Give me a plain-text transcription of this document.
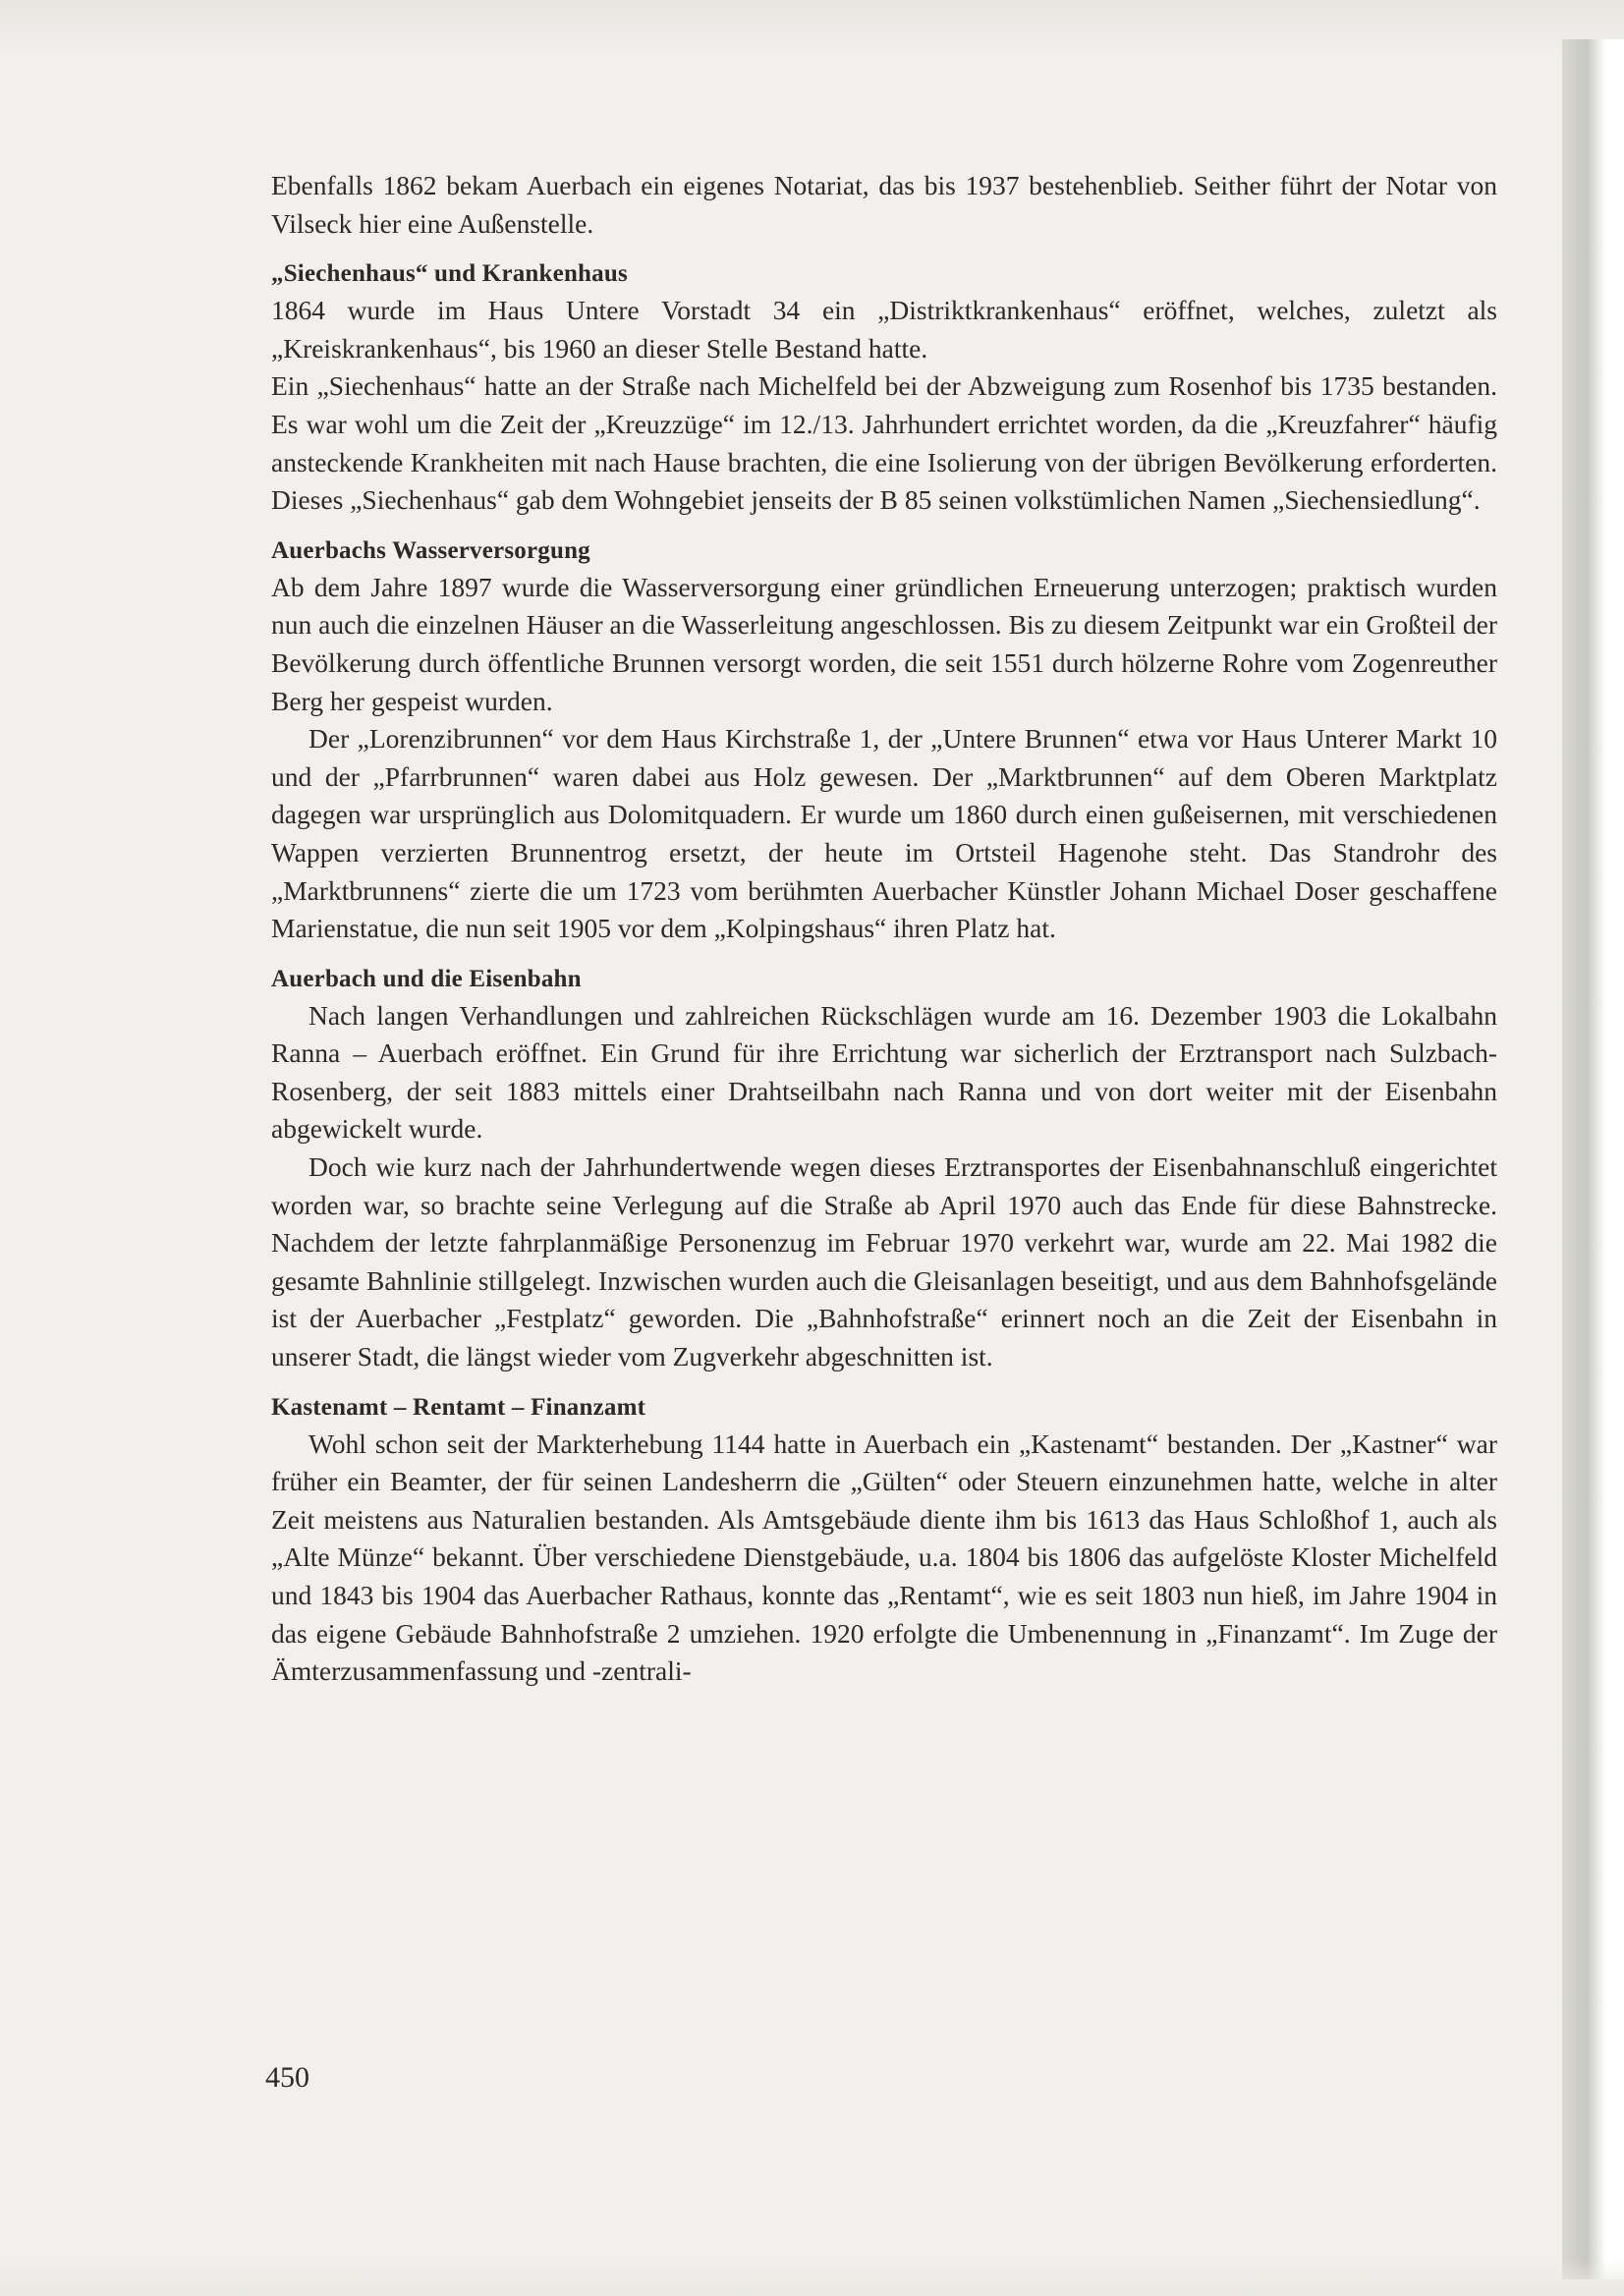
Ebenfalls 1862 bekam Auerbach ein eigenes Notariat, das bis 1937 bestehenblieb. Seither führt der Notar von Vilseck hier eine Außenstelle.

„Siechenhaus“ und Krankenhaus

1864 wurde im Haus Untere Vorstadt 34 ein „Distriktkrankenhaus“ eröffnet, welches, zuletzt als „Kreiskrankenhaus“, bis 1960 an dieser Stelle Bestand hatte.

Ein „Siechenhaus“ hatte an der Straße nach Michelfeld bei der Abzweigung zum Rosenhof bis 1735 bestanden. Es war wohl um die Zeit der „Kreuzzüge“ im 12./13. Jahrhundert errichtet worden, da die „Kreuzfahrer“ häufig ansteckende Krankheiten mit nach Hause brachten, die eine Isolierung von der übrigen Bevölkerung erforderten. Dieses „Siechenhaus“ gab dem Wohngebiet jenseits der B 85 seinen volkstümlichen Namen „Siechensiedlung“.

Auerbachs Wasserversorgung

Ab dem Jahre 1897 wurde die Wasserversorgung einer gründlichen Erneuerung unterzogen; praktisch wurden nun auch die einzelnen Häuser an die Wasserleitung angeschlossen. Bis zu diesem Zeitpunkt war ein Großteil der Bevölkerung durch öffentliche Brunnen versorgt worden, die seit 1551 durch hölzerne Rohre vom Zogenreuther Berg her gespeist wurden.

Der „Lorenzibrunnen“ vor dem Haus Kirchstraße 1, der „Untere Brunnen“ etwa vor Haus Unterer Markt 10 und der „Pfarrbrunnen“ waren dabei aus Holz gewesen. Der „Marktbrunnen“ auf dem Oberen Marktplatz dagegen war ursprünglich aus Dolomitquadern. Er wurde um 1860 durch einen gußeisernen, mit verschiedenen Wappen verzierten Brunnentrog ersetzt, der heute im Ortsteil Hagenohe steht. Das Standrohr des „Marktbrunnens“ zierte die um 1723 vom berühmten Auerbacher Künstler Johann Michael Doser geschaffene Marienstatue, die nun seit 1905 vor dem „Kolpingshaus“ ihren Platz hat.

Auerbach und die Eisenbahn

Nach langen Verhandlungen und zahlreichen Rückschlägen wurde am 16. Dezember 1903 die Lokalbahn Ranna – Auerbach eröffnet. Ein Grund für ihre Errichtung war sicherlich der Erztransport nach Sulzbach-Rosenberg, der seit 1883 mittels einer Drahtseilbahn nach Ranna und von dort weiter mit der Eisenbahn abgewickelt wurde.

Doch wie kurz nach der Jahrhundertwende wegen dieses Erztransportes der Eisenbahnanschluß eingerichtet worden war, so brachte seine Verlegung auf die Straße ab April 1970 auch das Ende für diese Bahnstrecke. Nachdem der letzte fahrplanmäßige Personenzug im Februar 1970 verkehrt war, wurde am 22. Mai 1982 die gesamte Bahnlinie stillgelegt. Inzwischen wurden auch die Gleisanlagen beseitigt, und aus dem Bahnhofsgelände ist der Auerbacher „Festplatz“ geworden. Die „Bahnhofstraße“ erinnert noch an die Zeit der Eisenbahn in unserer Stadt, die längst wieder vom Zugverkehr abgeschnitten ist.

Kastenamt – Rentamt – Finanzamt

Wohl schon seit der Markterhebung 1144 hatte in Auerbach ein „Kastenamt“ bestanden. Der „Kastner“ war früher ein Beamter, der für seinen Landesherrn die „Gülten“ oder Steuern einzunehmen hatte, welche in alter Zeit meistens aus Naturalien bestanden. Als Amtsgebäude diente ihm bis 1613 das Haus Schloßhof 1, auch als „Alte Münze“ bekannt. Über verschiedene Dienstgebäude, u.a. 1804 bis 1806 das aufgelöste Kloster Michelfeld und 1843 bis 1904 das Auerbacher Rathaus, konnte das „Rentamt“, wie es seit 1803 nun hieß, im Jahre 1904 in das eigene Gebäude Bahnhofstraße 2 umziehen. 1920 erfolgte die Umbenennung in „Finanzamt“. Im Zuge der Ämterzusammenfassung und -zentrali-

450
